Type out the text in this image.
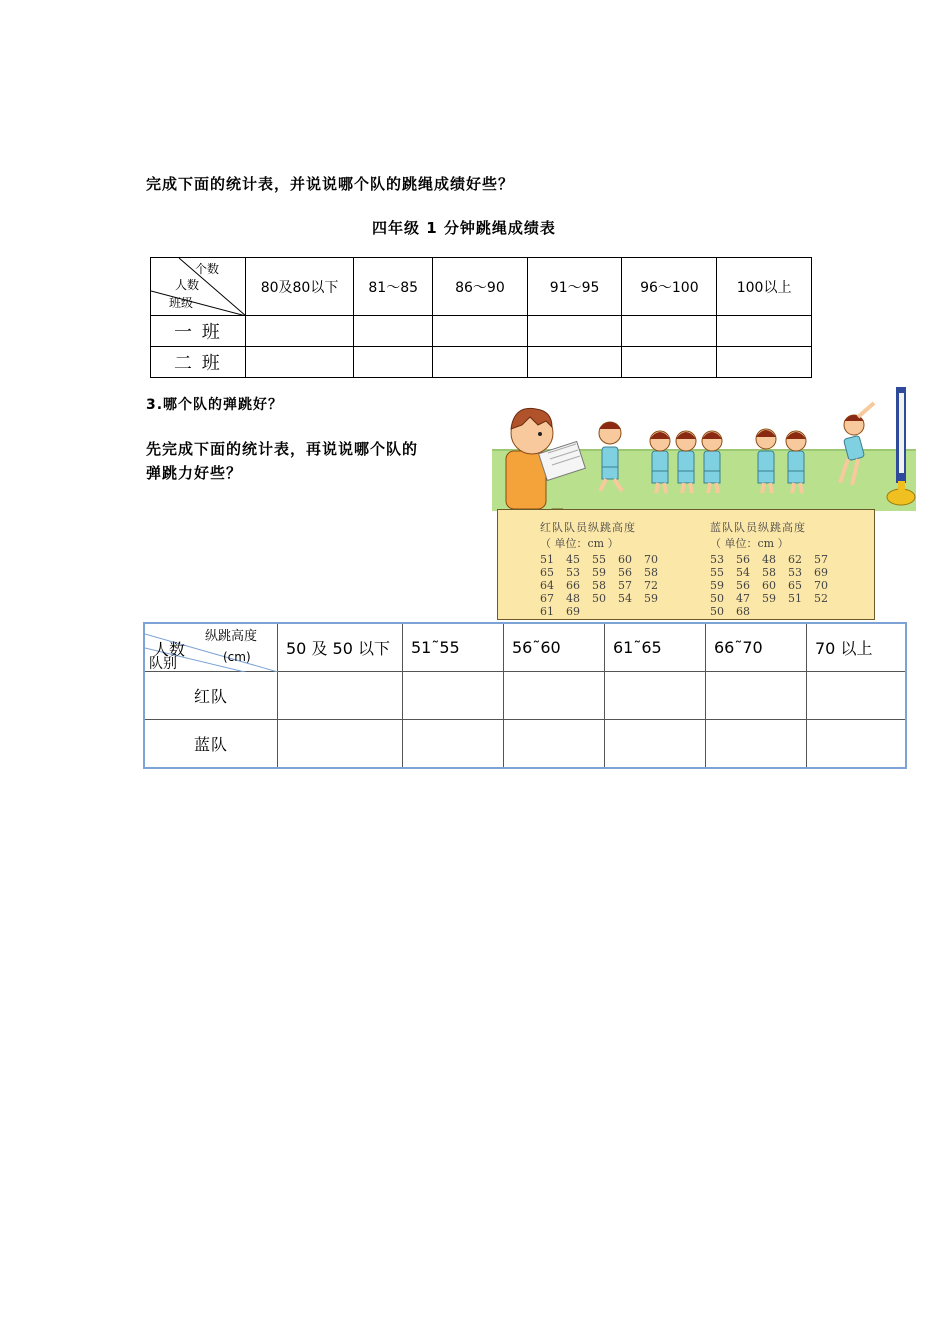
完成下面的统计表，并说说哪个队的跳绳成绩好些？
四年级 1 分钟跳绳成绩表
个数
人数
班级	80及80以下	81～85	86～90	91～95	96～100	100以上
一 班						
二 班						
3.哪个队的弹跳好？
先完成下面的统计表，再说说哪个队的
弹跳力好些？
红队队员纵跳高度
（ 单位：cm ）
51 45 55 60 70
65 53 59 56 58
64 66 58 57 72
67 48 50 54 59
61 69
蓝队队员纵跳高度
（ 单位：cm ）
53 56 48 62 57
55 54 58 53 69
59 56 60 65 70
50 47 59 51 52
50 68
纵跳高度
(cm)
人数
队别	50 及 50 以下	51˜55	56˜60	61˜65	66˜70	70 以上
红队						
蓝队						
